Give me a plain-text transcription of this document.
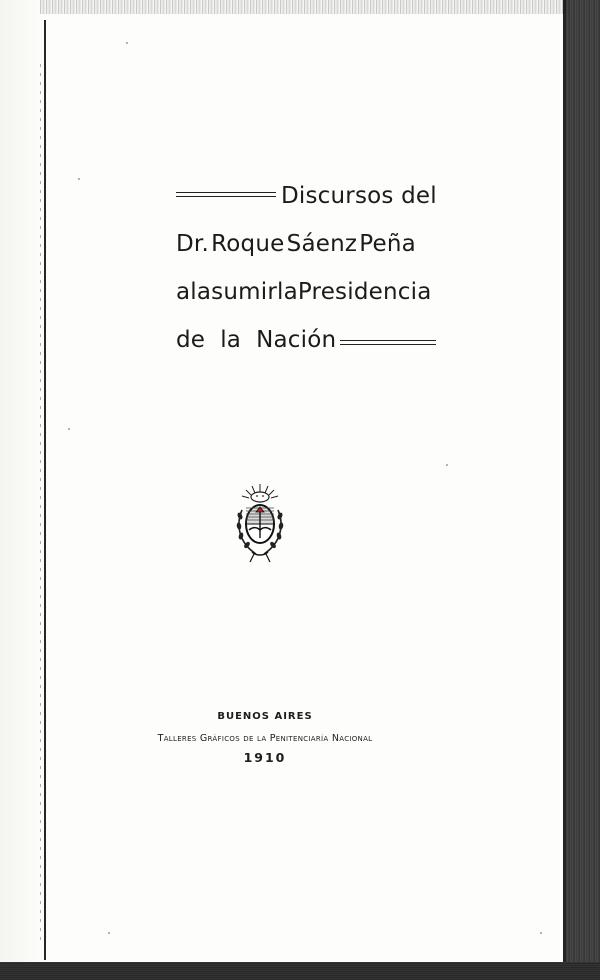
Discursos del
Dr. Roque Sáenz Peña
al asumir la Presidencia
de la Nación
BUENOS AIRES
Talleres Gráficos de la Penitenciaría Nacional
1910
